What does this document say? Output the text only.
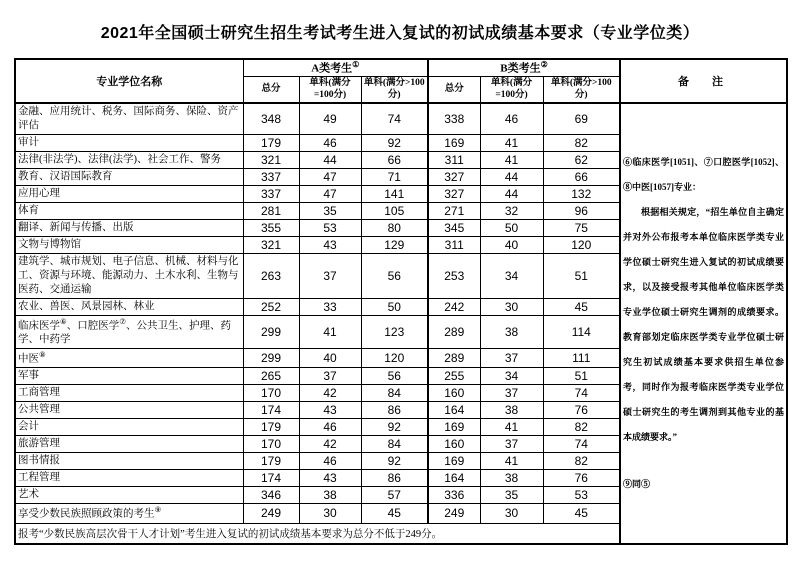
2021年全国硕士研究生招生考试考生进入复试的初试成绩基本要求（专业学位类）
专业学位名称	A类考生①			B类考生②			备　注
	总分	单科(满分=100分)	单科(满分>100分)	总分	单科(满分=100分)	单科(满分>100分)	
金融、应用统计、税务、国际商务、保险、资产评估	348	49	74	338	46	69	⑥临床医学[1051]、⑦口腔医学[1052]、⑧中医[1057]专业：

根据相关规定，“招生单位自主确定并对外公布报考本单位临床医学类专业学位硕士研究生进入复试的初试成绩要求，以及接受报考其他单位临床医学类专业学位硕士研究生调剂的成绩要求。教育部划定临床医学类专业学位硕士研究生初试成绩基本要求供招生单位参考，同时作为报考临床医学类专业学位硕士研究生的考生调剂到其他专业的基本成绩要求。”

⑨同⑤

审计	179	46	92	169	41	82	
法律(非法学)、法律(法学)、社会工作、警务	321	44	66	311	41	62	
教育、汉语国际教育	337	47	71	327	44	66	
应用心理	337	47	141	327	44	132	
体育	281	35	105	271	32	96	
翻译、新闻与传播、出版	355	53	80	345	50	75	
文物与博物馆	321	43	129	311	40	120	
建筑学、城市规划、电子信息、机械、材料与化工、资源与环境、能源动力、土木水利、生物与医药、交通运输	263	37	56	253	34	51	
农业、兽医、风景园林、林业	252	33	50	242	30	45	
临床医学⑥、口腔医学⑦、公共卫生、护理、药学、中药学	299	41	123	289	38	114	
中医⑧	299	40	120	289	37	111	
军事	265	37	56	255	34	51	
工商管理	170	42	84	160	37	74	
公共管理	174	43	86	164	38	76	
会计	179	46	92	169	41	82	
旅游管理	170	42	84	160	37	74	
图书情报	179	46	92	169	41	82	
工程管理	174	43	86	164	38	76	
艺术	346	38	57	336	35	53	
享受少数民族照顾政策的考生⑨	249	30	45	249	30	45	
报考“少数民族高层次骨干人才计划”考生进入复试的初试成绩基本要求为总分不低于249分。							
